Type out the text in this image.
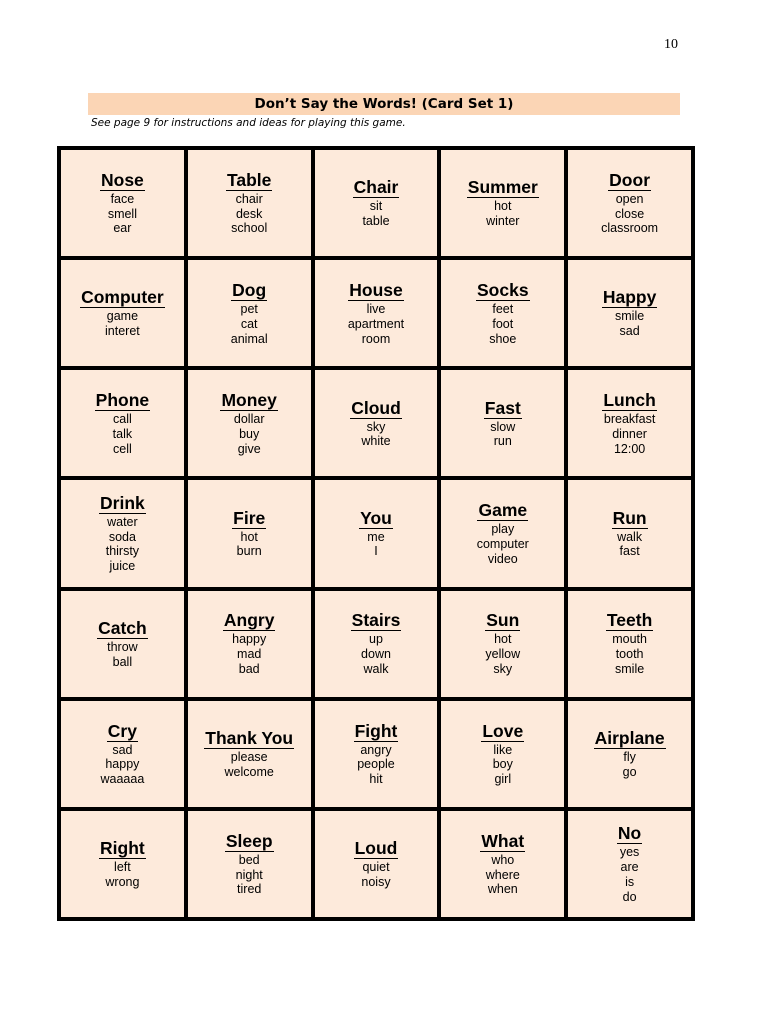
10
Don’t Say the Words! (Card Set 1)
See page 9 for instructions and ideas for playing this game.
Nose
face
smell
ear
Table
chair
desk
school
Chair
sit
table
Summer
hot
winter
Door
open
close
classroom
Computer
game
interet
Dog
pet
cat
animal
House
live
apartment
room
Socks
feet
foot
shoe
Happy
smile
sad
Phone
call
talk
cell
Money
dollar
buy
give
Cloud
sky
white
Fast
slow
run
Lunch
breakfast
dinner
12:00
Drink
water
soda
thirsty
juice
Fire
hot
burn
You
me
I
Game
play
computer
video
Run
walk
fast
Catch
throw
ball
Angry
happy
mad
bad
Stairs
up
down
walk
Sun
hot
yellow
sky
Teeth
mouth
tooth
smile
Cry
sad
happy
waaaaa
Thank You
please
welcome
Fight
angry
people
hit
Love
like
boy
girl
Airplane
fly
go
Right
left
wrong
Sleep
bed
night
tired
Loud
quiet
noisy
What
who
where
when
No
yes
are
is
do
